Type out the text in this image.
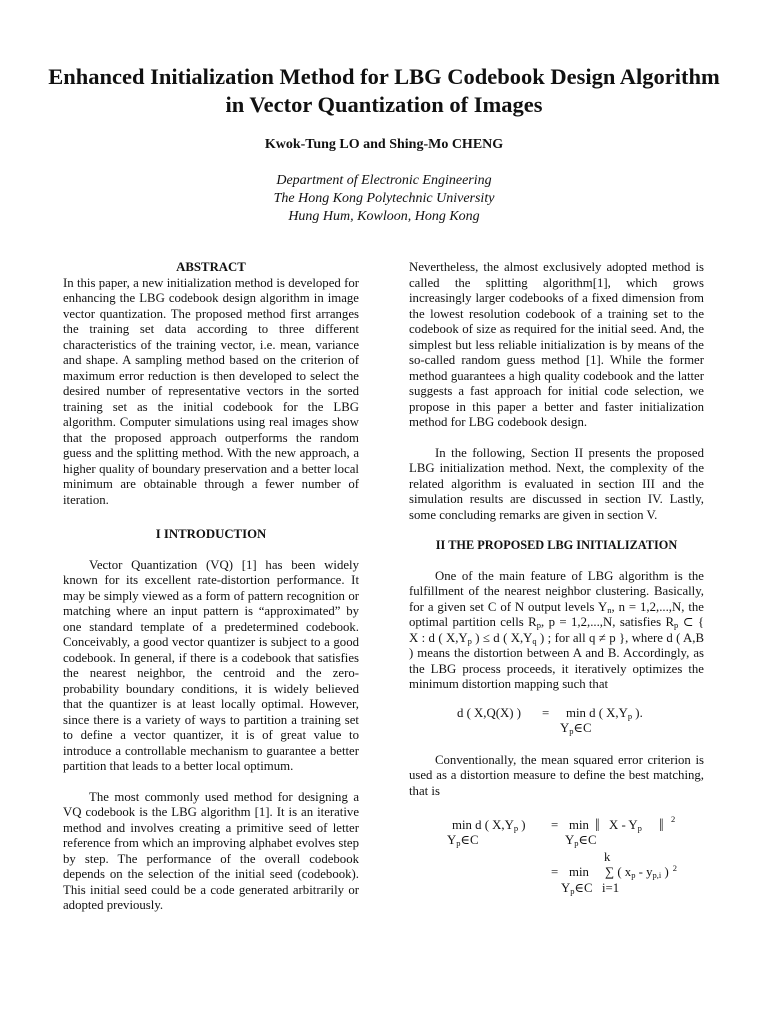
Enhanced Initialization Method for LBG Codebook Design Algorithm in Vector Quantization of Images
Kwok-Tung LO and Shing-Mo CHENG
Department of Electronic Engineering
The Hong Kong Polytechnic University
Hung Hum, Kowloon, Hong Kong
ABSTRACT

In this paper, a new initialization method is developed for enhancing the LBG codebook design algorithm in image vector quantization. The proposed method first arranges the training set data according to three different characteristics of the training vector, i.e. mean, variance and shape. A sampling method based on the criterion of maximum error reduction is then developed to select the desired number of representative vectors in the sorted training set as the initial codebook for the LBG algorithm. Computer simulations using real images show that the proposed approach outperforms the random guess and the splitting method. With the new approach, a higher quality of boundary preservation and a better local minimum are obtainable through a fewer number of iteration.

I INTRODUCTION

Vector Quantization (VQ) [1] has been widely known for its excellent rate-distortion performance. It may be simply viewed as a form of pattern recognition or matching where an input pattern is “approximated” by one standard template of a predetermined codebook. Conceivably, a good vector quantizer is subject to a good codebook. In general, if there is a codebook that satisfies the nearest neighbor, the centroid and the zero-probability boundary conditions, it is widely believed that the quantizer is at least locally optimal. However, since there is a variety of ways to partition a training set to define a vector quantizer, it is of great value to introduce a controllable mechanism to guarantee a better partition that leads to a better local optimum.

The most commonly used method for designing a VQ codebook is the LBG algorithm [1]. It is an iterative method and involves creating a primitive seed of letter reference from which an improving alphabet evolves step by step. The performance of the overall codebook depends on the selection of the initial seed (codebook). This initial seed could be a code generated arbitrarily or adopted previously.

Nevertheless, the almost exclusively adopted method is called the splitting algorithm[1], which grows increasingly larger codebooks of a fixed dimension from the lowest resolution codebook of a training set to the codebook of size as required for the initial seed. And, the simplest but less reliable initialization is by means of the so-called random guess method [1]. While the former method guarantees a high quality codebook and the latter suggests a fast approach for initial code selection, we propose in this paper a better and faster initialization method for LBG codebook design.

In the following, Section II presents the proposed LBG initialization method. Next, the complexity of the related algorithm is evaluated in section III and the simulation results are discussed in section IV. Lastly, some concluding remarks are given in section V.

II THE PROPOSED LBG INITIALIZATION

One of the main feature of LBG algorithm is the fulfillment of the nearest neighbor clustering. Basically, for a given set C of N output levels $Y_n$, n = 1,2,...,N, the optimal partition cells $R_p$, p = 1,2,...,N, satisfies $R_p$ ⊂ { X : d ( $X,Y_p$ ) ≤ d ( $X,Y_q$ ) ; for all q ≠ p }, where d ( A,B ) means the distortion between A and B. Accordingly, as the LBG process proceeds, it iteratively optimizes the minimum distortion mapping such that

d ( X,Q(X) ) = min d ( $X,Y_p$ ).
$Y_p\in C$

Conventionally, the mean squared error criterion is used as a distortion measure to define the best matching, that is

min d ( $X,Y_p$ ) = min || X - $Y_p$ || $^2$
$Y_p\in C$	$Y_p\in C$
k
= min ∑ ( $x_p - y_{p,i}$ ) $^2$
$Y_p\in C$ i=1
